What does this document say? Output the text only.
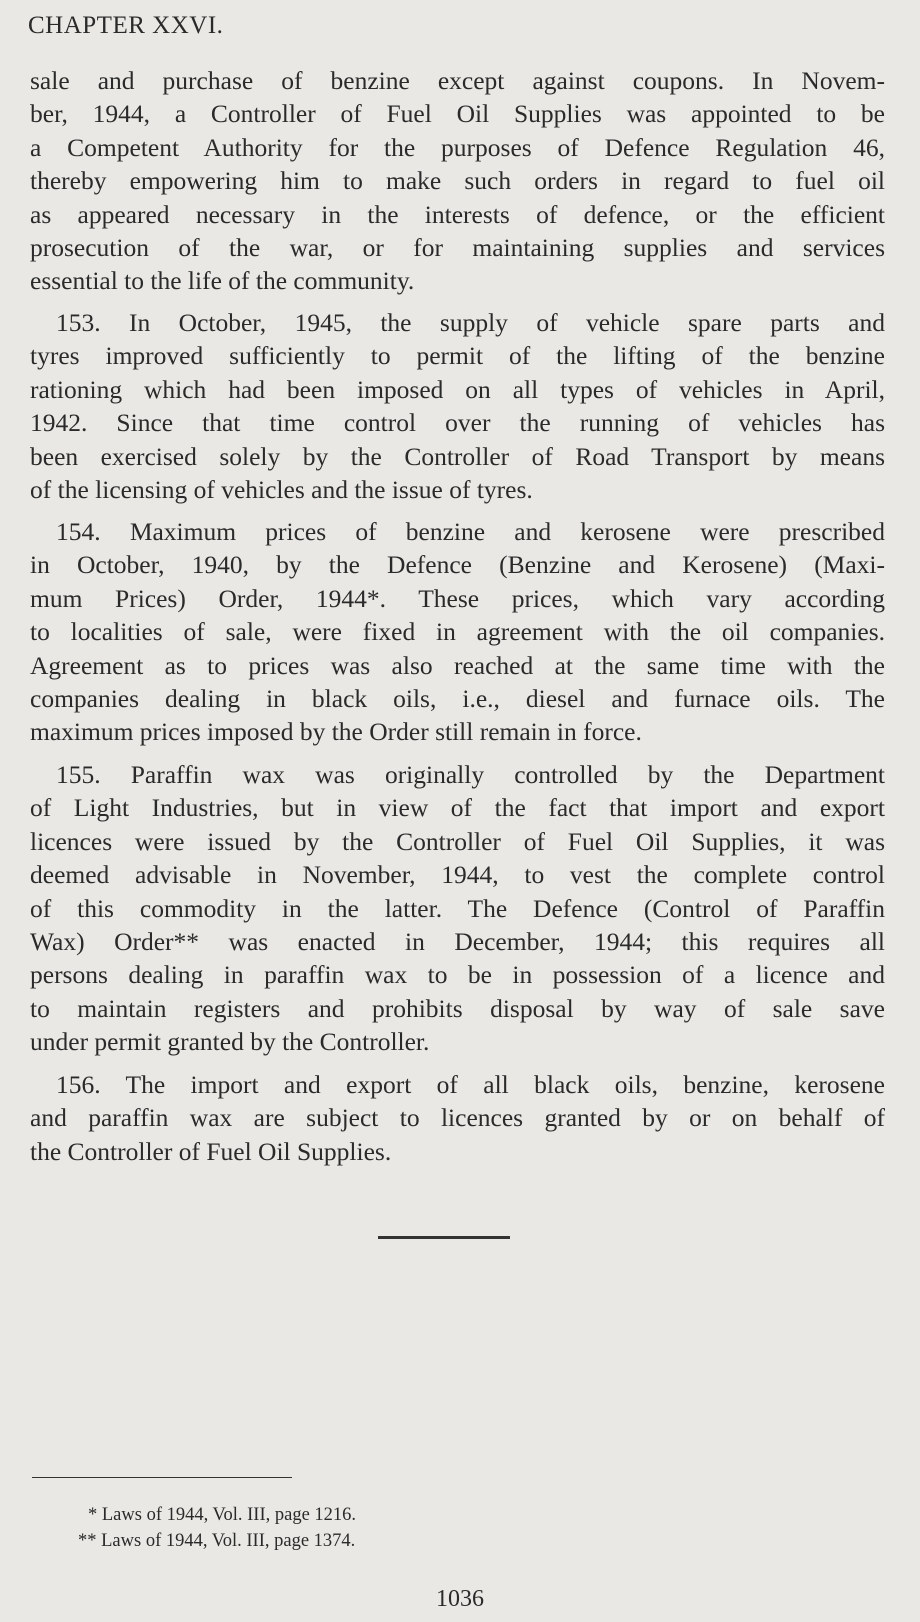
CHAPTER XXVI.
sale and purchase of benzine except against coupons. In Novem-
ber, 1944, a Controller of Fuel Oil Supplies was appointed to be
a Competent Authority for the purposes of Defence Regulation 46,
thereby empowering him to make such orders in regard to fuel oil
as appeared necessary in the interests of defence, or the efficient
prosecution of the war, or for maintaining supplies and services
essential to the life of the community.
153. In October, 1945, the supply of vehicle spare parts and
tyres improved sufficiently to permit of the lifting of the benzine
rationing which had been imposed on all types of vehicles in April,
1942. Since that time control over the running of vehicles has
been exercised solely by the Controller of Road Transport by means
of the licensing of vehicles and the issue of tyres.
154. Maximum prices of benzine and kerosene were prescribed
in October, 1940, by the Defence (Benzine and Kerosene) (Maxi-
mum Prices) Order, 1944*. These prices, which vary according
to localities of sale, were fixed in agreement with the oil companies.
Agreement as to prices was also reached at the same time with the
companies dealing in black oils, i.e., diesel and furnace oils. The
maximum prices imposed by the Order still remain in force.
155. Paraffin wax was originally controlled by the Department
of Light Industries, but in view of the fact that import and export
licences were issued by the Controller of Fuel Oil Supplies, it was
deemed advisable in November, 1944, to vest the complete control
of this commodity in the latter. The Defence (Control of Paraffin
Wax) Order** was enacted in December, 1944; this requires all
persons dealing in paraffin wax to be in possession of a licence and
to maintain registers and prohibits disposal by way of sale save
under permit granted by the Controller.
156. The import and export of all black oils, benzine, kerosene
and paraffin wax are subject to licences granted by or on behalf of
the Controller of Fuel Oil Supplies.
* Laws of 1944, Vol. III, page 1216.
** Laws of 1944, Vol. III, page 1374.
1036
